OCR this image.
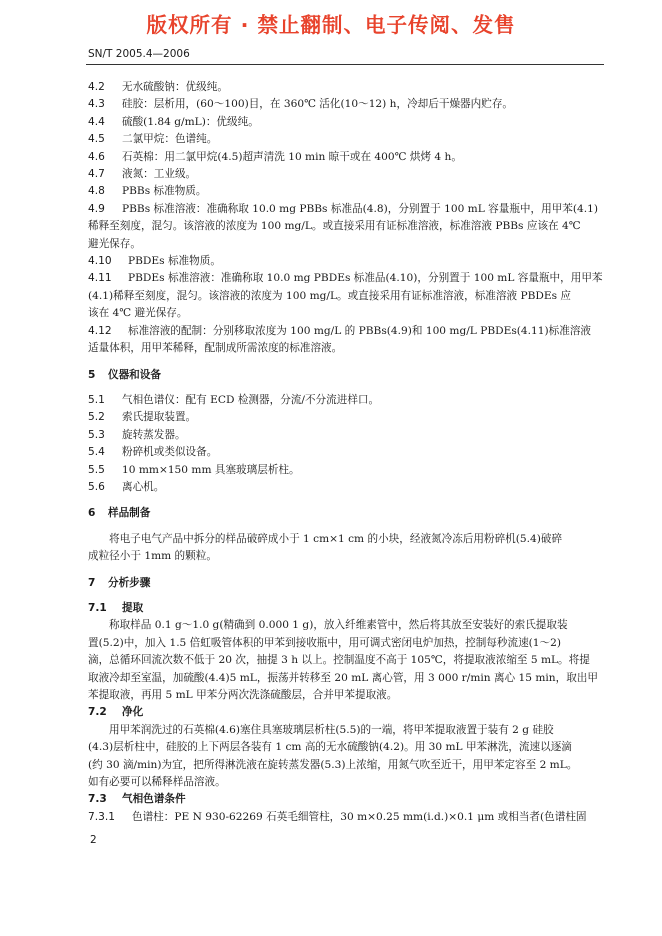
版权所有 · 禁止翻制、电子传阅、发售
SN/T 2005.4—2006

4.2 无水硫酸钠：优级纯。

4.3 硅胶：层析用，(60～100)目，在 360℃ 活化(10～12) h，冷却后干燥器内贮存。

4.4 硫酸(1.84 g/mL)：优级纯。

4.5 二氯甲烷：色谱纯。

4.6 石英棉：用二氯甲烷(4.5)超声清洗 10 min 晾干或在 400℃ 烘烤 4 h。

4.7 液氮：工业级。

4.8 PBBs 标准物质。

4.9 PBBs 标准溶液：准确称取 10.0 mg PBBs 标准品(4.8)，分别置于 100 mL 容量瓶中，用甲苯(4.1)

稀释至刻度，混匀。该溶液的浓度为 100 mg/L。或直接采用有证标准溶液，标准溶液 PBBs 应该在 4℃

避光保存。

4.10 PBDEs 标准物质。

4.11 PBDEs 标准溶液：准确称取 10.0 mg PBDEs 标准品(4.10)，分别置于 100 mL 容量瓶中，用甲苯

(4.1)稀释至刻度，混匀。该溶液的浓度为 100 mg/L。或直接采用有证标准溶液，标准溶液 PBDEs 应

该在 4℃ 避光保存。

4.12 标准溶液的配制：分别移取浓度为 100 mg/L 的 PBBs(4.9)和 100 mg/L PBDEs(4.11)标准溶液

适量体积，用甲苯稀释，配制成所需浓度的标准溶液。

5 仪器和设备

5.1 气相色谱仪：配有 ECD 检测器，分流/不分流进样口。

5.2 索氏提取装置。

5.3 旋转蒸发器。

5.4 粉碎机或类似设备。

5.5 10 mm×150 mm 具塞玻璃层析柱。

5.6 离心机。

6 样品制备

将电子电气产品中拆分的样品破碎成小于 1 cm×1 cm 的小块，经液氮冷冻后用粉碎机(5.4)破碎

成粒径小于 1mm 的颗粒。

7 分析步骤

7.1 提取

称取样品 0.1 g～1.0 g(精确到 0.000 1 g)，放入纤维素管中，然后将其放至安装好的索氏提取装

置(5.2)中，加入 1.5 倍虹吸管体积的甲苯到接收瓶中，用可调式密闭电炉加热，控制每秒流速(1～2)

滴，总循环回流次数不低于 20 次，抽提 3 h 以上。控制温度不高于 105℃，将提取液浓缩至 5 mL。将提

取液冷却至室温，加硫酸(4.4)5 mL，振荡并转移至 20 mL 离心管，用 3 000 r/min 离心 15 min，取出甲

苯提取液，再用 5 mL 甲苯分两次洗涤硫酸层，合并甲苯提取液。

7.2 净化

用甲苯润洗过的石英棉(4.6)塞住具塞玻璃层析柱(5.5)的一端，将甲苯提取液置于装有 2 g 硅胶

(4.3)层析柱中，硅胶的上下两层各装有 1 cm 高的无水硫酸钠(4.2)。用 30 mL 甲苯淋洗，流速以逐滴

(约 30 滴/min)为宜，把所得淋洗液在旋转蒸发器(5.3)上浓缩，用氮气吹至近干，用甲苯定容至 2 mL。

如有必要可以稀释样品溶液。

7.3 气相色谱条件

7.3.1 色谱柱：PE N 930-62269 石英毛细管柱，30 m×0.25 mm(i.d.)×0.1 μm 或相当者(色谱柱固

2
